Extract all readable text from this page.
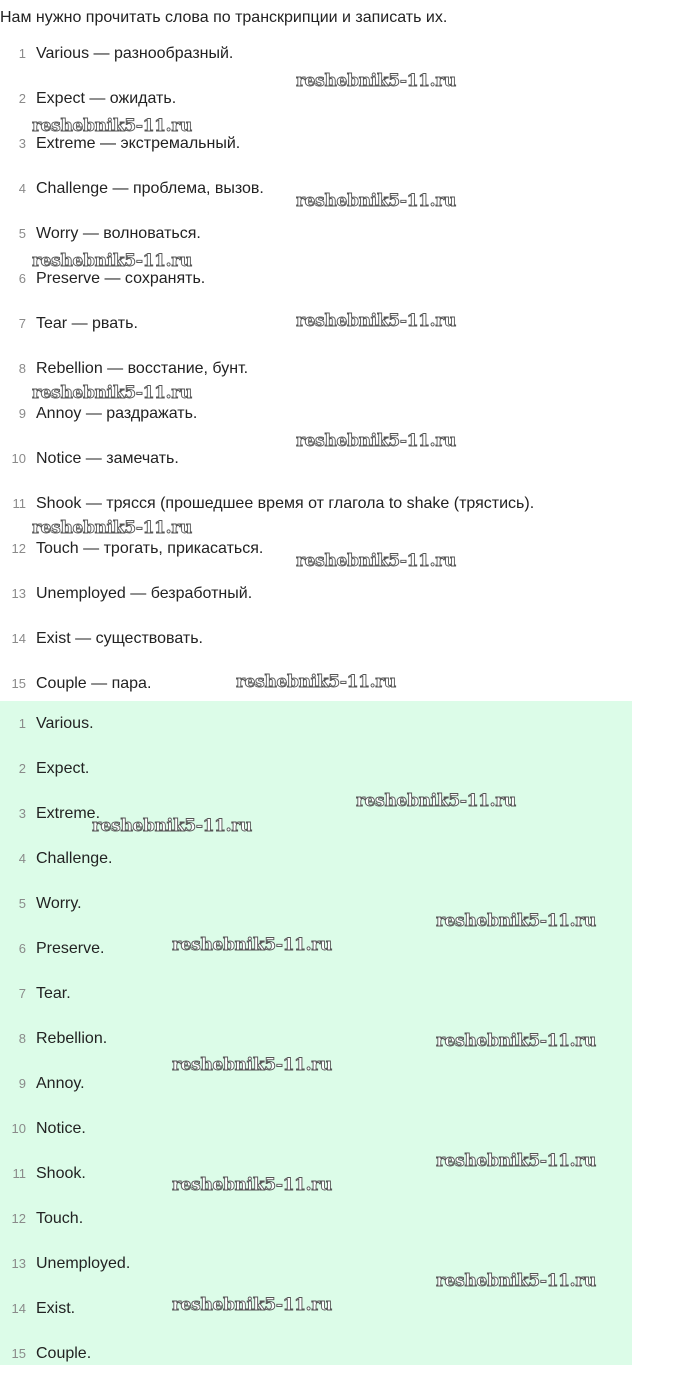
Нам нужно прочитать слова по транскрипции и записать их.
1 Various — разнообразный.
2 Expect — ожидать.
3 Extreme — экстремальный.
4 Challenge — проблема, вызов.
5 Worry — волноваться.
6 Preserve — сохранять.
7 Tear — рвать.
8 Rebellion — восстание, бунт.
9 Annoy — раздражать.
10 Notice — замечать.
11 Shook — тряcся (прошедшее время от глагола to shake (трястись).
12 Touch — трогать, прикасаться.
13 Unemployed — безработный.
14 Exist — существовать.
15 Couple — пара.
1 Various.
2 Expect.
3 Extreme.
4 Challenge.
5 Worry.
6 Preserve.
7 Tear.
8 Rebellion.
9 Annoy.
10 Notice.
11 Shook.
12 Touch.
13 Unemployed.
14 Exist.
15 Couple.
reshebnik5-11.ru
reshebnik5-11.ru
reshebnik5-11.ru
reshebnik5-11.ru
reshebnik5-11.ru
reshebnik5-11.ru
reshebnik5-11.ru
reshebnik5-11.ru
reshebnik5-11.ru
reshebnik5-11.ru
reshebnik5-11.ru
reshebnik5-11.ru
reshebnik5-11.ru
reshebnik5-11.ru
reshebnik5-11.ru
reshebnik5-11.ru
reshebnik5-11.ru
reshebnik5-11.ru
reshebnik5-11.ru
reshebnik5-11.ru
